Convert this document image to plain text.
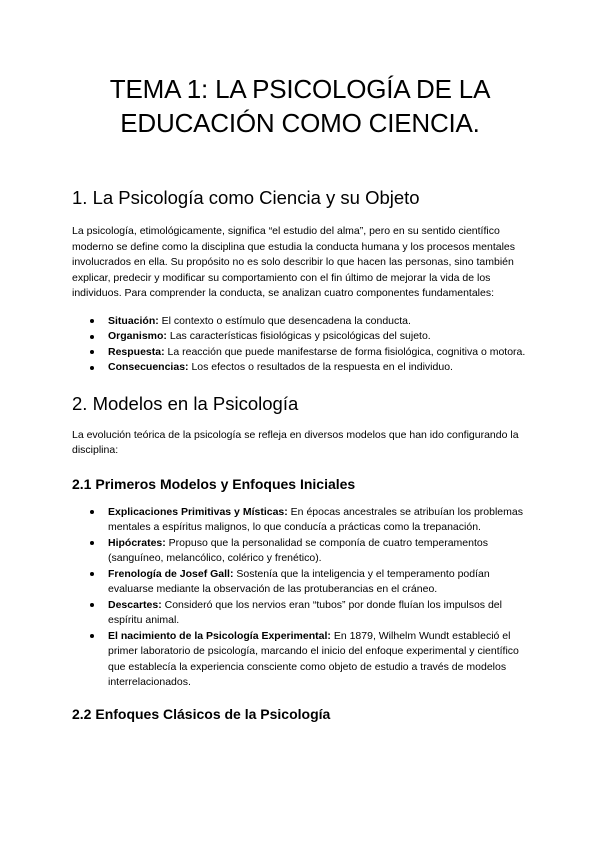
TEMA 1: LA PSICOLOGÍA DE LA
EDUCACIÓN COMO CIENCIA.
1. La Psicología como Ciencia y su Objeto

La psicología, etimológicamente, significa “el estudio del alma”, pero en su sentido científico moderno se define como la disciplina que estudia la conducta humana y los procesos mentales involucrados en ella. Su propósito no es solo describir lo que hacen las personas, sino también explicar, predecir y modificar su comportamiento con el fin último de mejorar la vida de los individuos. Para comprender la conducta, se analizan cuatro componentes fundamentales:

Situación: El contexto o estímulo que desencadena la conducta.
Organismo: Las características fisiológicas y psicológicas del sujeto.
Respuesta: La reacción que puede manifestarse de forma fisiológica, cognitiva o motora.
Consecuencias: Los efectos o resultados de la respuesta en el individuo.
2. Modelos en la Psicología

La evolución teórica de la psicología se refleja en diversos modelos que han ido configurando la disciplina:

2.1 Primeros Modelos y Enfoques Iniciales
Explicaciones Primitivas y Místicas: En épocas ancestrales se atribuían los problemas mentales a espíritus malignos, lo que conducía a prácticas como la trepanación.
Hipócrates: Propuso que la personalidad se componía de cuatro temperamentos (sanguíneo, melancólico, colérico y frenético).
Frenología de Josef Gall: Sostenía que la inteligencia y el temperamento podían evaluarse mediante la observación de las protuberancias en el cráneo.
Descartes: Consideró que los nervios eran “tubos” por donde fluían los impulsos del espíritu animal.
El nacimiento de la Psicología Experimental: En 1879, Wilhelm Wundt estableció el primer laboratorio de psicología, marcando el inicio del enfoque experimental y científico que establecía la experiencia consciente como objeto de estudio a través de modelos interrelacionados.
2.2 Enfoques Clásicos de la Psicología
